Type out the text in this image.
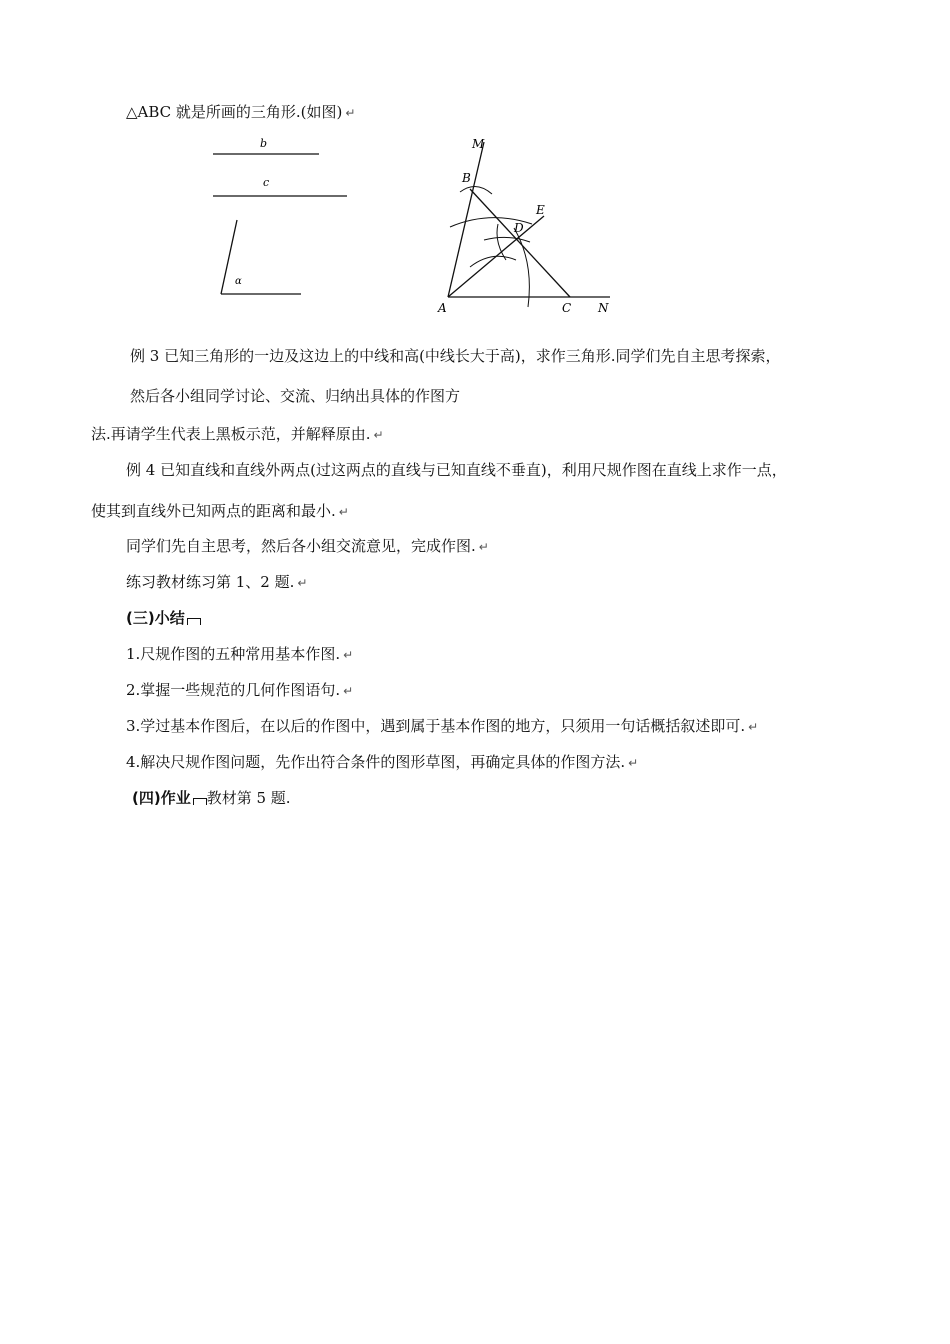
△ABC 就是所画的三角形.(如图) ↵
b
c
α
M
B
E
D
A	C N
例 3 已知三角形的一边及这边上的中线和高(中线长大于高)，求作三角形.同学们先自主思考探索，
然后各小组同学讨论、交流、归纳出具体的作图方
法.再请学生代表上黑板示范，并解释原由. ↵
例 4 已知直线和直线外两点(过这两点的直线与已知直线不垂直)，利用尺规作图在直线上求作一点，
使其到直线外已知两点的距离和最小. ↵
同学们先自主思考，然后各小组交流意见，完成作图. ↵
练习教材练习第 1、2 题. ↵
(三)小结
1.尺规作图的五种常用基本作图. ↵
2.掌握一些规范的几何作图语句. ↵
3.学过基本作图后，在以后的作图中，遇到属于基本作图的地方，只须用一句话概括叙述即可. ↵
4.解决尺规作图问题，先作出符合条件的图形草图，再确定具体的作图方法. ↵
(四)作业 教材第 5 题.
